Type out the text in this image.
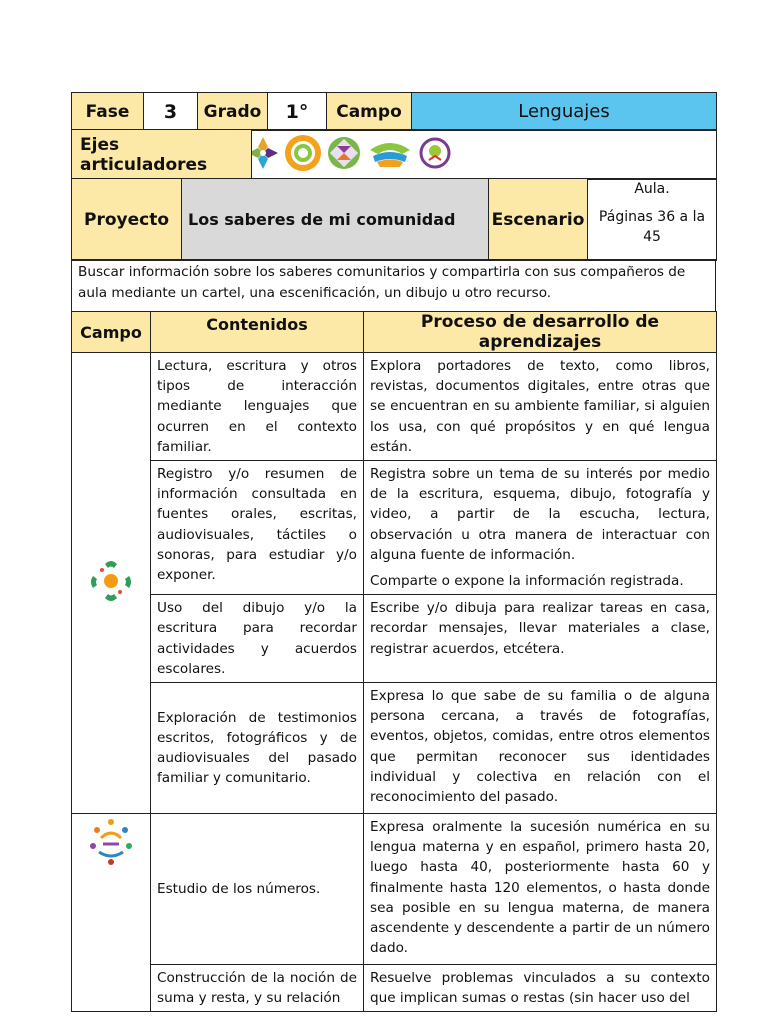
Fase	3	Grado	1°	Campo	Lenguajes
Ejes articuladores	
Proyecto	Los saberes de mi comunidad	Escenario	
Aula.
Páginas 36 a la 45
Buscar información sobre los saberes comunitarios y compartirla con sus compañeros de aula mediante un cartel, una escenificación, un dibujo u otro recurso.
Campo	Contenidos	Proceso de desarrollo de aprendizajes
	Lectura, escritura y otros tipos de interacción mediante lenguajes que ocurren en el contexto familiar.	Explora portadores de texto, como libros, revistas, documentos digitales, entre otras que se encuentran en su ambiente familiar, si alguien los usa, con qué propósitos y en qué lengua están.
	Registro y/o resumen de información consultada en fuentes orales, escritas, audiovisuales, táctiles o sonoras, para estudiar y/o exponer.	Registra sobre un tema de su interés por medio de la escritura, esquema, dibujo, fotografía y video, a partir de la escucha, lectura, observación u otra manera de interactuar con alguna fuente de información.
Comparte o expone la información registrada.

	Uso del dibujo y/o la escritura para recordar actividades y acuerdos escolares.	Escribe y/o dibuja para realizar tareas en casa, recordar mensajes, llevar materiales a clase, registrar acuerdos, etcétera.
	Exploración de testimonios escritos, fotográficos y de audiovisuales del pasado familiar y comunitario.	Expresa lo que sabe de su familia o de alguna persona cercana, a través de fotografías, eventos, objetos, comidas, entre otros elementos que permitan reconocer sus identidades individual y colectiva en relación con el reconocimiento del pasado.
	Estudio de los números.	Expresa oralmente la sucesión numérica en su lengua materna y en español, primero hasta 20, luego hasta 40, posteriormente hasta 60 y finalmente hasta 120 elementos, o hasta donde sea posible en su lengua materna, de manera ascendente y descendente a partir de un número dado.

	Construcción de la noción de suma y resta, y su relación	Resuelve problemas vinculados a su contexto que implican sumas o restas (sin hacer uso del
